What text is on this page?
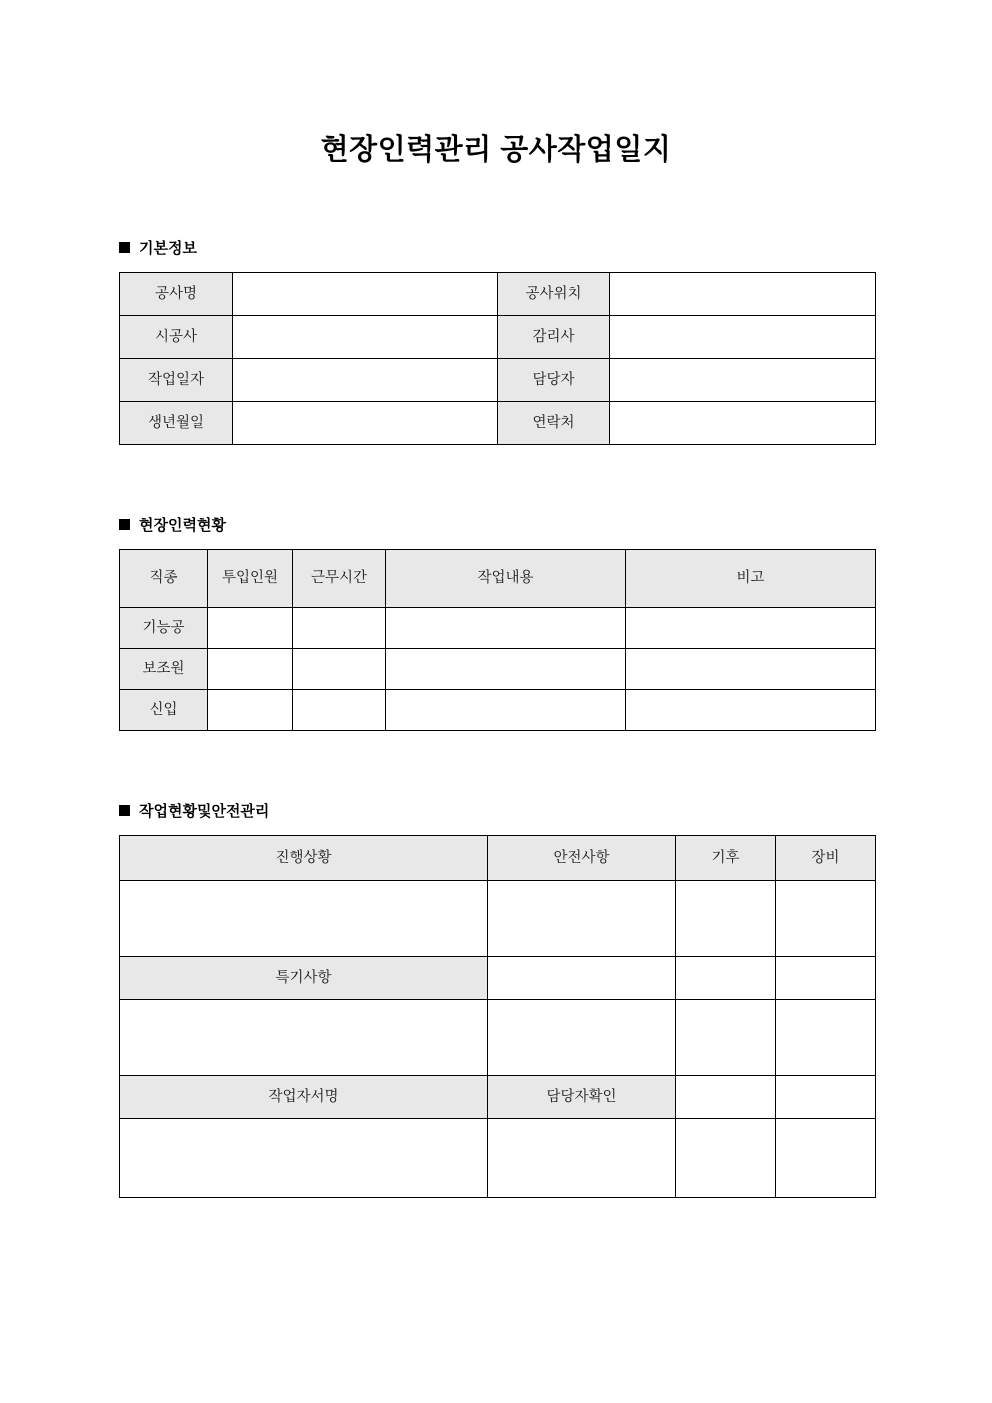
현장인력관리 공사작업일지
기본정보
공사명		공사위치	
시공사		감리사	
작업일자		담당자	
생년월일		연락처	
현장인력현황
직종	투입인원	근무시간	작업내용	비고
기능공				
보조원				
신입				
작업현황및안전관리
진행상황	안전사항	기후	장비

특기사항			

작업자서명	담당자확인		
